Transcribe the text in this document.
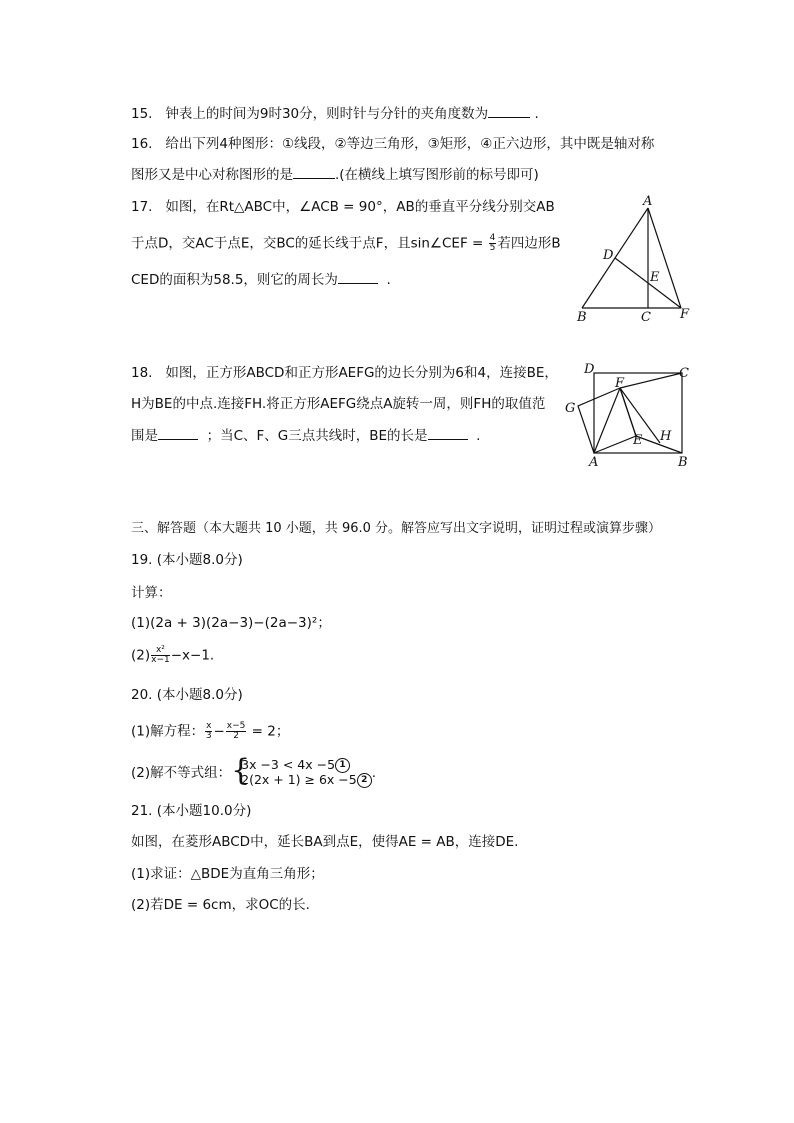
15. 钟表上的时间为9时30分，则时针与分针的夹角度数为	.
16. 给出下列4种图形：①线段，②等边三角形，③矩形，④正六边形，其中既是轴对称
图形又是中心对称图形的是	.(在横线上填写图形前的标号即可)
17. 如图，在Rt△ABC中，∠ACB = 90°，AB的垂直平分线分别交AB
于点D，交AC于点E，交BC的延长线于点F，且sin∠CEF = $\frac{4}{5}$ 若四边形B
CED的面积为58.5，则它的周长为	.
A
D
E
B	C F
18. 如图，正方形ABCD和正方形AEFG的边长分别为6和4，连接BE，
H为BE的中点.连接FH.将正方形AEFG绕点A旋转一周，则FH的取值范
围是	；当C、F、G三点共线时，BE的长是	.
D	C
F
G
E H
A	B
三、解答题（本大题共 10 小题，共 96.0 分。解答应写出文字说明，证明过程或演算步骤）
19. (本小题8.0分)
计算：
(1)(2a + 3)(2a−3)−(2a−3)²；
$(2) \frac{\text{x²}}{x-1} -x-1$.
20. (本小题8.0分)
(1)解方程： $\frac{x}{3} - \frac{x-5}{2} = 2$；
(2)解不等式组： {
3x −3 < 4x −5 1
2(2x + 1) ≥ 6x −5 2 .
21. (本小题10.0分)
如图，在菱形ABCD中，延长BA到点E，使得AE = AB，连接DE.
(1)求证：△BDE为直角三角形；
(2)若DE = 6cm，求OC的长.
